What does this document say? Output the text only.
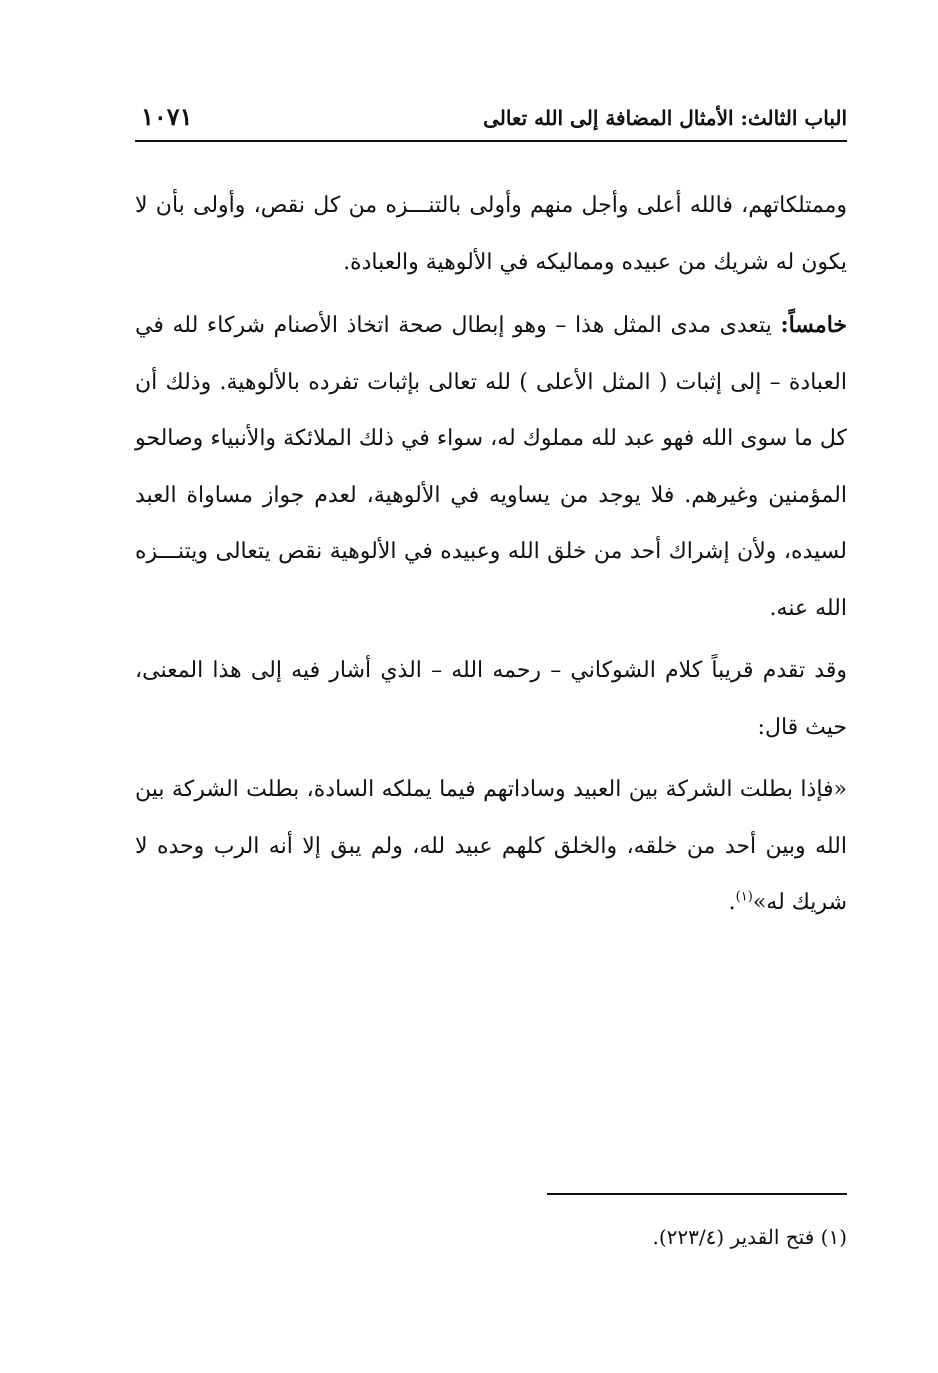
الباب الثالث: الأمثال المضافة إلى الله تعالى
١٠٧١

وممتلكاتهم، فالله أعلى وأجل منهم وأولى بالتنـــزه من كل نقص، وأولى بأن لا يكون له شريك من عبيده ومماليكه في الألوهية والعبادة.

خامساً: يتعدى مدى المثل هذا – وهو إبطال صحة اتخاذ الأصنام شركاء لله في العبادة – إلى إثبات ( المثل الأعلى ) لله تعالى بإثبات تفرده بالألوهية. وذلك أن كل ما سوى الله فهو عبد لله مملوك له، سواء في ذلك الملائكة والأنبياء وصالحو المؤمنين وغيرهم. فلا يوجد من يساويه في الألوهية، لعدم جواز مساواة العبد لسيده، ولأن إشراك أحد من خلق الله وعبيده في الألوهية نقص يتعالى ويتنـــزه الله عنه.

وقد تقدم قريباً كلام الشوكاني – رحمه الله – الذي أشار فيه إلى هذا المعنى، حيث قال:

«فإذا بطلت الشركة بين العبيد وساداتهم فيما يملكه السادة، بطلت الشركة بين الله وبين أحد من خلقه، والخلق كلهم عبيد لله، ولم يبق إلا أنه الرب وحده لا شريك له»$^{(١)}$.

(١) فتح القدير (٢٢٣/٤).
